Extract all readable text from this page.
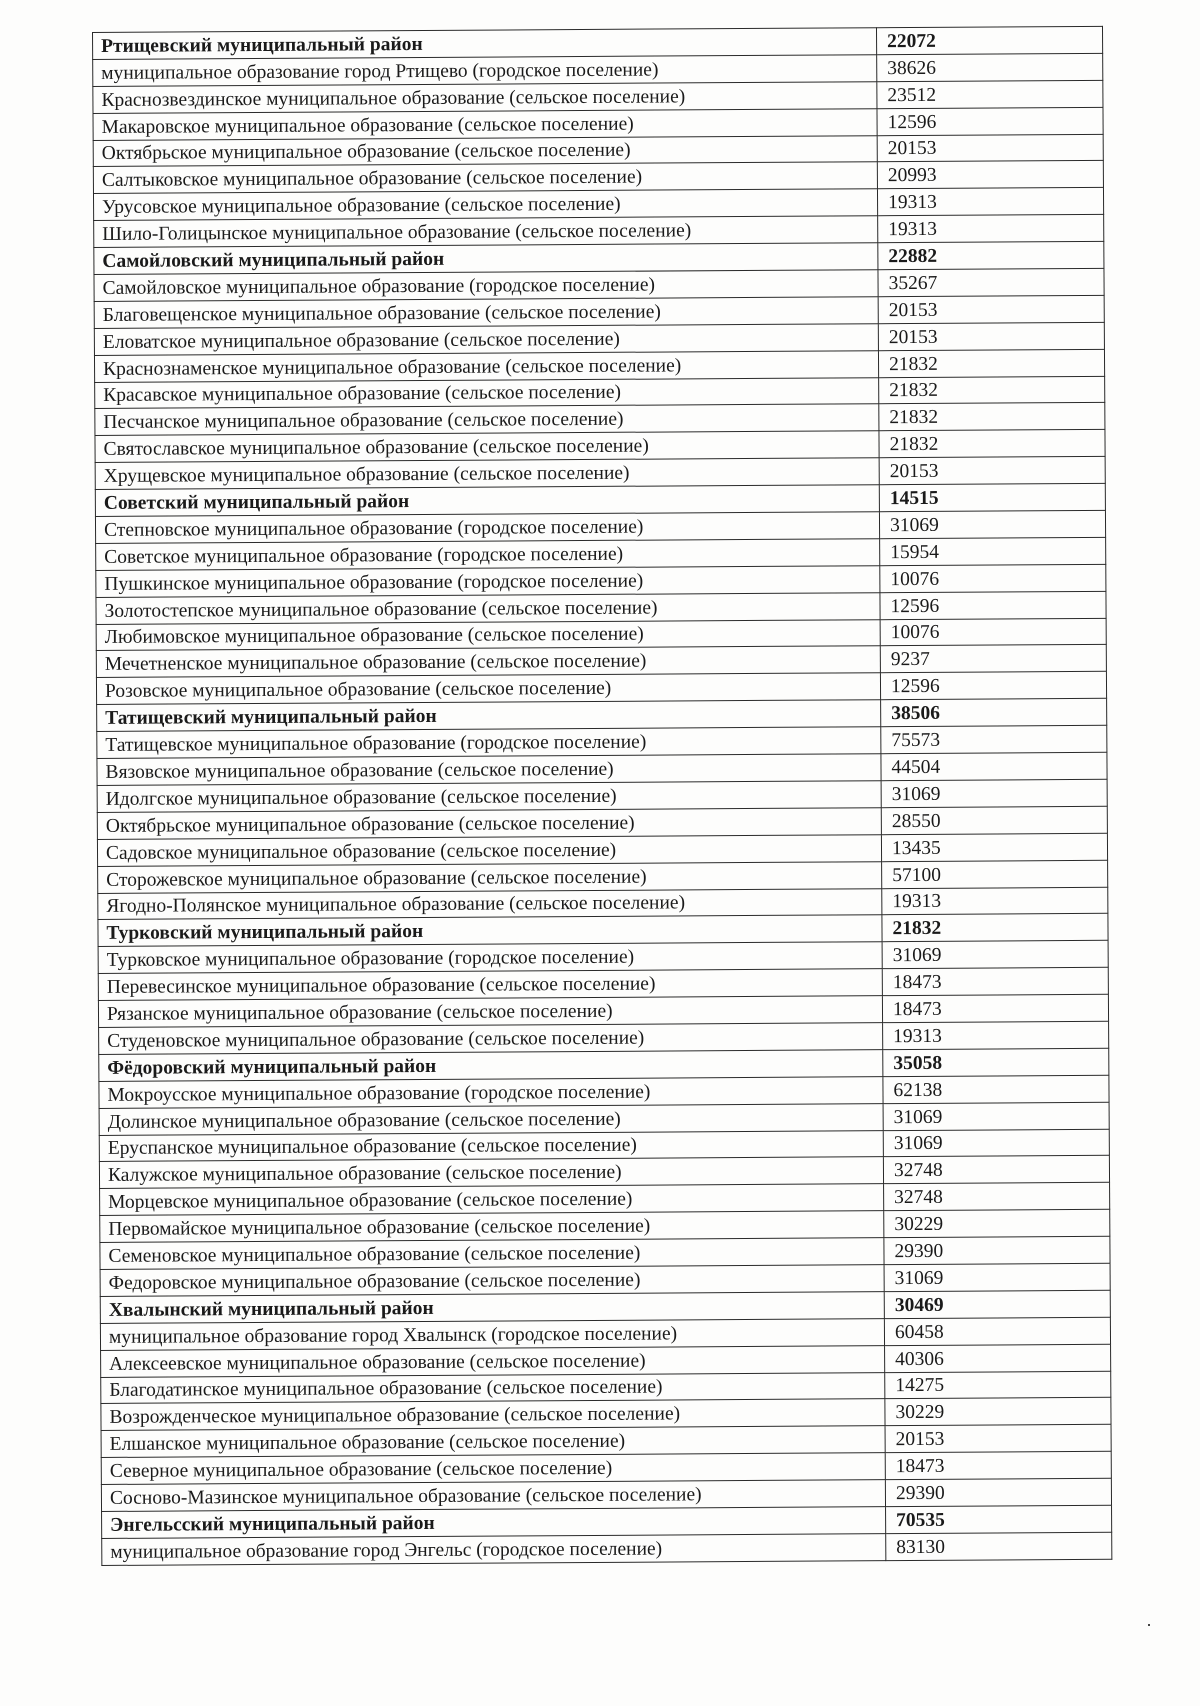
Ртищевский муниципальный район	22072
муниципальное образование город Ртищево (городское поселение)	38626
Краснозвездинское муниципальное образование (сельское поселение)	23512
Макаровское муниципальное образование (сельское поселение)	12596
Октябрьское муниципальное образование (сельское поселение)	20153
Салтыковское муниципальное образование (сельское поселение)	20993
Урусовское муниципальное образование (сельское поселение)	19313
Шило-Голицынское муниципальное образование (сельское поселение)	19313
Самойловский муниципальный район	22882
Самойловское муниципальное образование (городское поселение)	35267
Благовещенское муниципальное образование (сельское поселение)	20153
Еловатское муниципальное образование (сельское поселение)	20153
Краснознаменское муниципальное образование (сельское поселение)	21832
Красавское муниципальное образование (сельское поселение)	21832
Песчанское муниципальное образование (сельское поселение)	21832
Святославское муниципальное образование (сельское поселение)	21832
Хрущевское муниципальное образование (сельское поселение)	20153
Советский муниципальный район	14515
Степновское муниципальное образование (городское поселение)	31069
Советское муниципальное образование (городское поселение)	15954
Пушкинское муниципальное образование (городское поселение)	10076
Золотостепское муниципальное образование (сельское поселение)	12596
Любимовское муниципальное образование (сельское поселение)	10076
Мечетненское муниципальное образование (сельское поселение)	9237
Розовское муниципальное образование (сельское поселение)	12596
Татищевский муниципальный район	38506
Татищевское муниципальное образование (городское поселение)	75573
Вязовское муниципальное образование (сельское поселение)	44504
Идолгское муниципальное образование (сельское поселение)	31069
Октябрьское муниципальное образование (сельское поселение)	28550
Садовское муниципальное образование (сельское поселение)	13435
Сторожевское муниципальное образование (сельское поселение)	57100
Ягодно-Полянское муниципальное образование (сельское поселение)	19313
Турковский муниципальный район	21832
Турковское муниципальное образование (городское поселение)	31069
Перевесинское муниципальное образование (сельское поселение)	18473
Рязанское муниципальное образование (сельское поселение)	18473
Студеновское муниципальное образование (сельское поселение)	19313
Фёдоровский муниципальный район	35058
Мокроусское муниципальное образование (городское поселение)	62138
Долинское муниципальное образование (сельское поселение)	31069
Еруспанское муниципальное образование (сельское поселение)	31069
Калужское муниципальное образование (сельское поселение)	32748
Морцевское муниципальное образование (сельское поселение)	32748
Первомайское муниципальное образование (сельское поселение)	30229
Семеновское муниципальное образование (сельское поселение)	29390
Федоровское муниципальное образование (сельское поселение)	31069
Хвалынский муниципальный район	30469
муниципальное образование город Хвалынск (городское поселение)	60458
Алексеевское муниципальное образование (сельское поселение)	40306
Благодатинское муниципальное образование (сельское поселение)	14275
Возрожденческое муниципальное образование (сельское поселение)	30229
Елшанское муниципальное образование (сельское поселение)	20153
Северное муниципальное образование (сельское поселение)	18473
Сосново-Мазинское муниципальное образование (сельское поселение)	29390
Энгельсский муниципальный район	70535
муниципальное образование город Энгельс (городское поселение)	83130
